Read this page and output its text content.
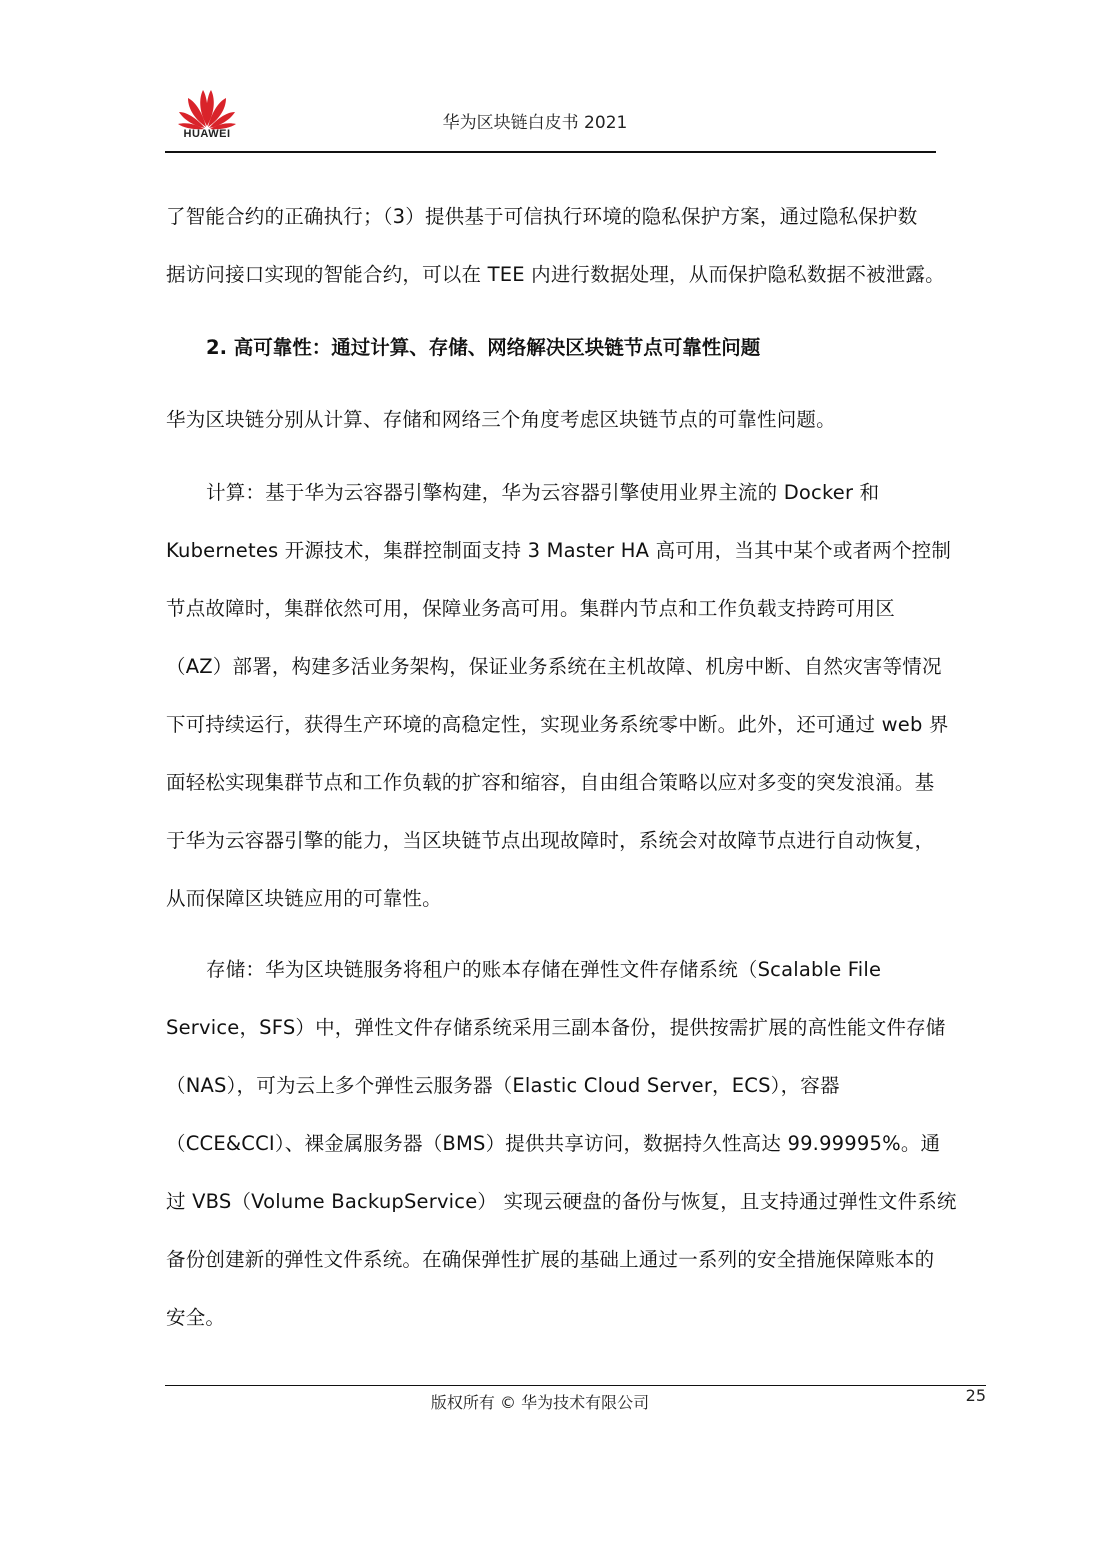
HUAWEI
华为区块链白皮书 2021

了智能合约的正确执行；（3）提供基于可信执行环境的隐私保护方案，通过隐私保护数
据访问接口实现的智能合约，可以在 TEE 内进行数据处理，从而保护隐私数据不被泄露。

2. 高可靠性：通过计算、存储、网络解决区块链节点可靠性问题

华为区块链分别从计算、存储和网络三个角度考虑区块链节点的可靠性问题。

计算：基于华为云容器引擎构建，华为云容器引擎使用业界主流的 Docker 和
Kubernetes 开源技术，集群控制面支持 3 Master HA 高可用，当其中某个或者两个控制
节点故障时，集群依然可用，保障业务高可用。集群内节点和工作负载支持跨可用区
（AZ）部署，构建多活业务架构，保证业务系统在主机故障、机房中断、自然灾害等情况
下可持续运行，获得生产环境的高稳定性，实现业务系统零中断。此外，还可通过 web 界
面轻松实现集群节点和工作负载的扩容和缩容，自由组合策略以应对多变的突发浪涌。基
于华为云容器引擎的能力，当区块链节点出现故障时，系统会对故障节点进行自动恢复，
从而保障区块链应用的可靠性。

存储：华为区块链服务将租户的账本存储在弹性文件存储系统（Scalable File
Service，SFS）中，弹性文件存储系统采用三副本备份，提供按需扩展的高性能文件存储
（NAS），可为云上多个弹性云服务器（Elastic Cloud Server，ECS），容器
（CCE&CCI）、裸金属服务器（BMS）提供共享访问，数据持久性高达 99.99995%。通
过 VBS（Volume BackupService） 实现云硬盘的备份与恢复，且支持通过弹性文件系统
备份创建新的弹性文件系统。在确保弹性扩展的基础上通过一系列的安全措施保障账本的
安全。

版权所有 © 华为技术有限公司	25
